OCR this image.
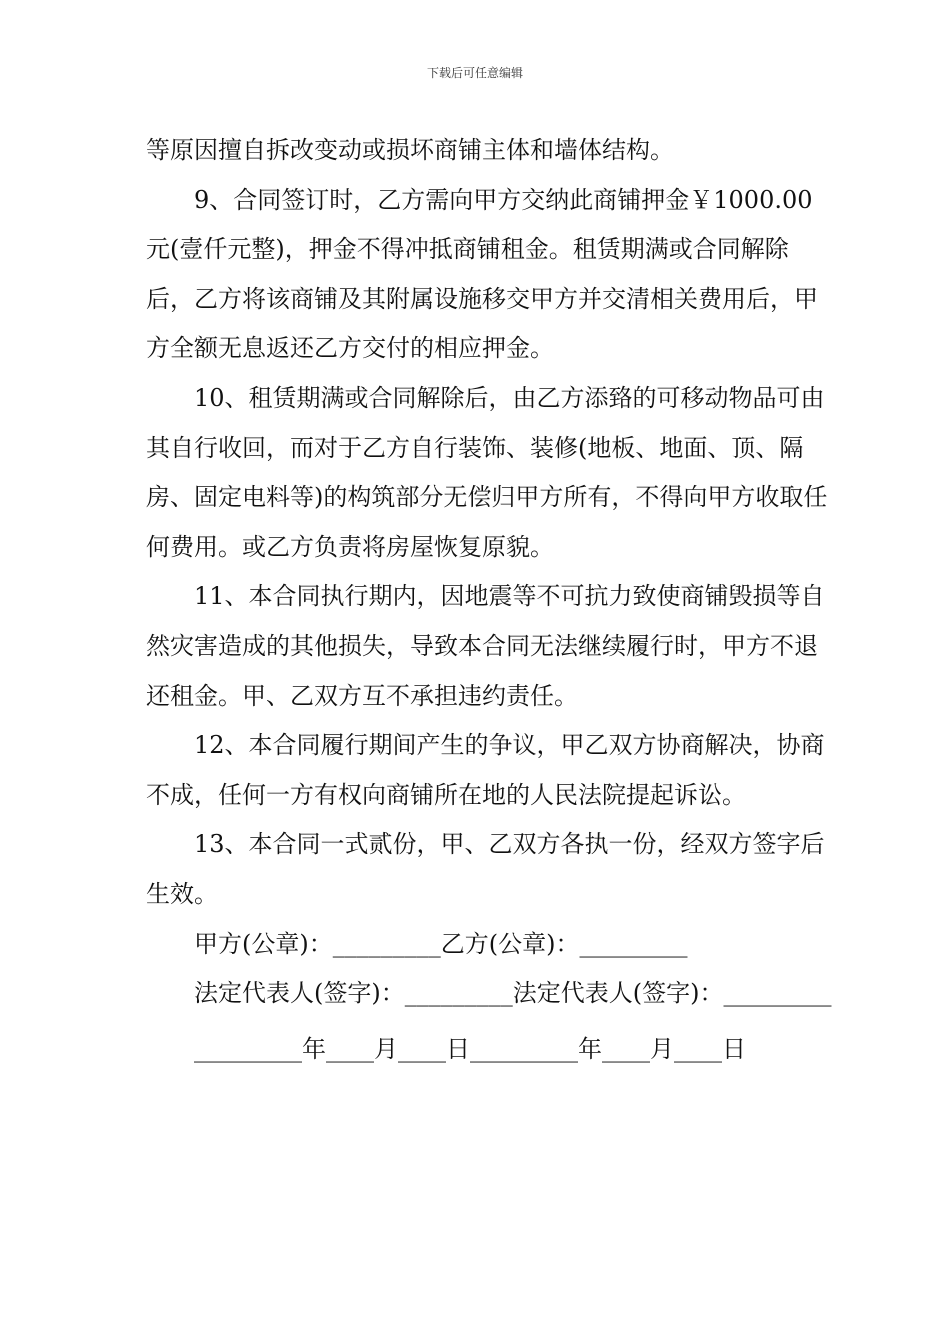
下载后可任意编辑

等原因擅自拆改变动或损坏商铺主体和墙体结构。

9、合同签订时，乙方需向甲方交纳此商铺押金￥1000.00元(壹仟元整)，押金不得冲抵商铺租金。租赁期满或合同解除后，乙方将该商铺及其附属设施移交甲方并交清相关费用后，甲方全额无息返还乙方交付的相应押金。

10、租赁期满或合同解除后，由乙方添臵的可移动物品可由其自行收回，而对于乙方自行装饰、装修(地板、地面、顶、隔房、固定电料等)的构筑部分无偿归甲方所有，不得向甲方收取任何费用。或乙方负责将房屋恢复原貌。

11、本合同执行期内，因地震等不可抗力致使商铺毁损等自然灾害造成的其他损失，导致本合同无法继续履行时，甲方不退还租金。甲、乙双方互不承担违约责任。

12、本合同履行期间产生的争议，甲乙双方协商解决，协商不成，任何一方有权向商铺所在地的人民法院提起诉讼。

13、本合同一式贰份，甲、乙双方各执一份，经双方签字后生效。

甲方(公章)：_________乙方(公章)：_________

法定代表人(签字)：_________法定代表人(签字)：_________

_________年____月____日_________年____月____日
